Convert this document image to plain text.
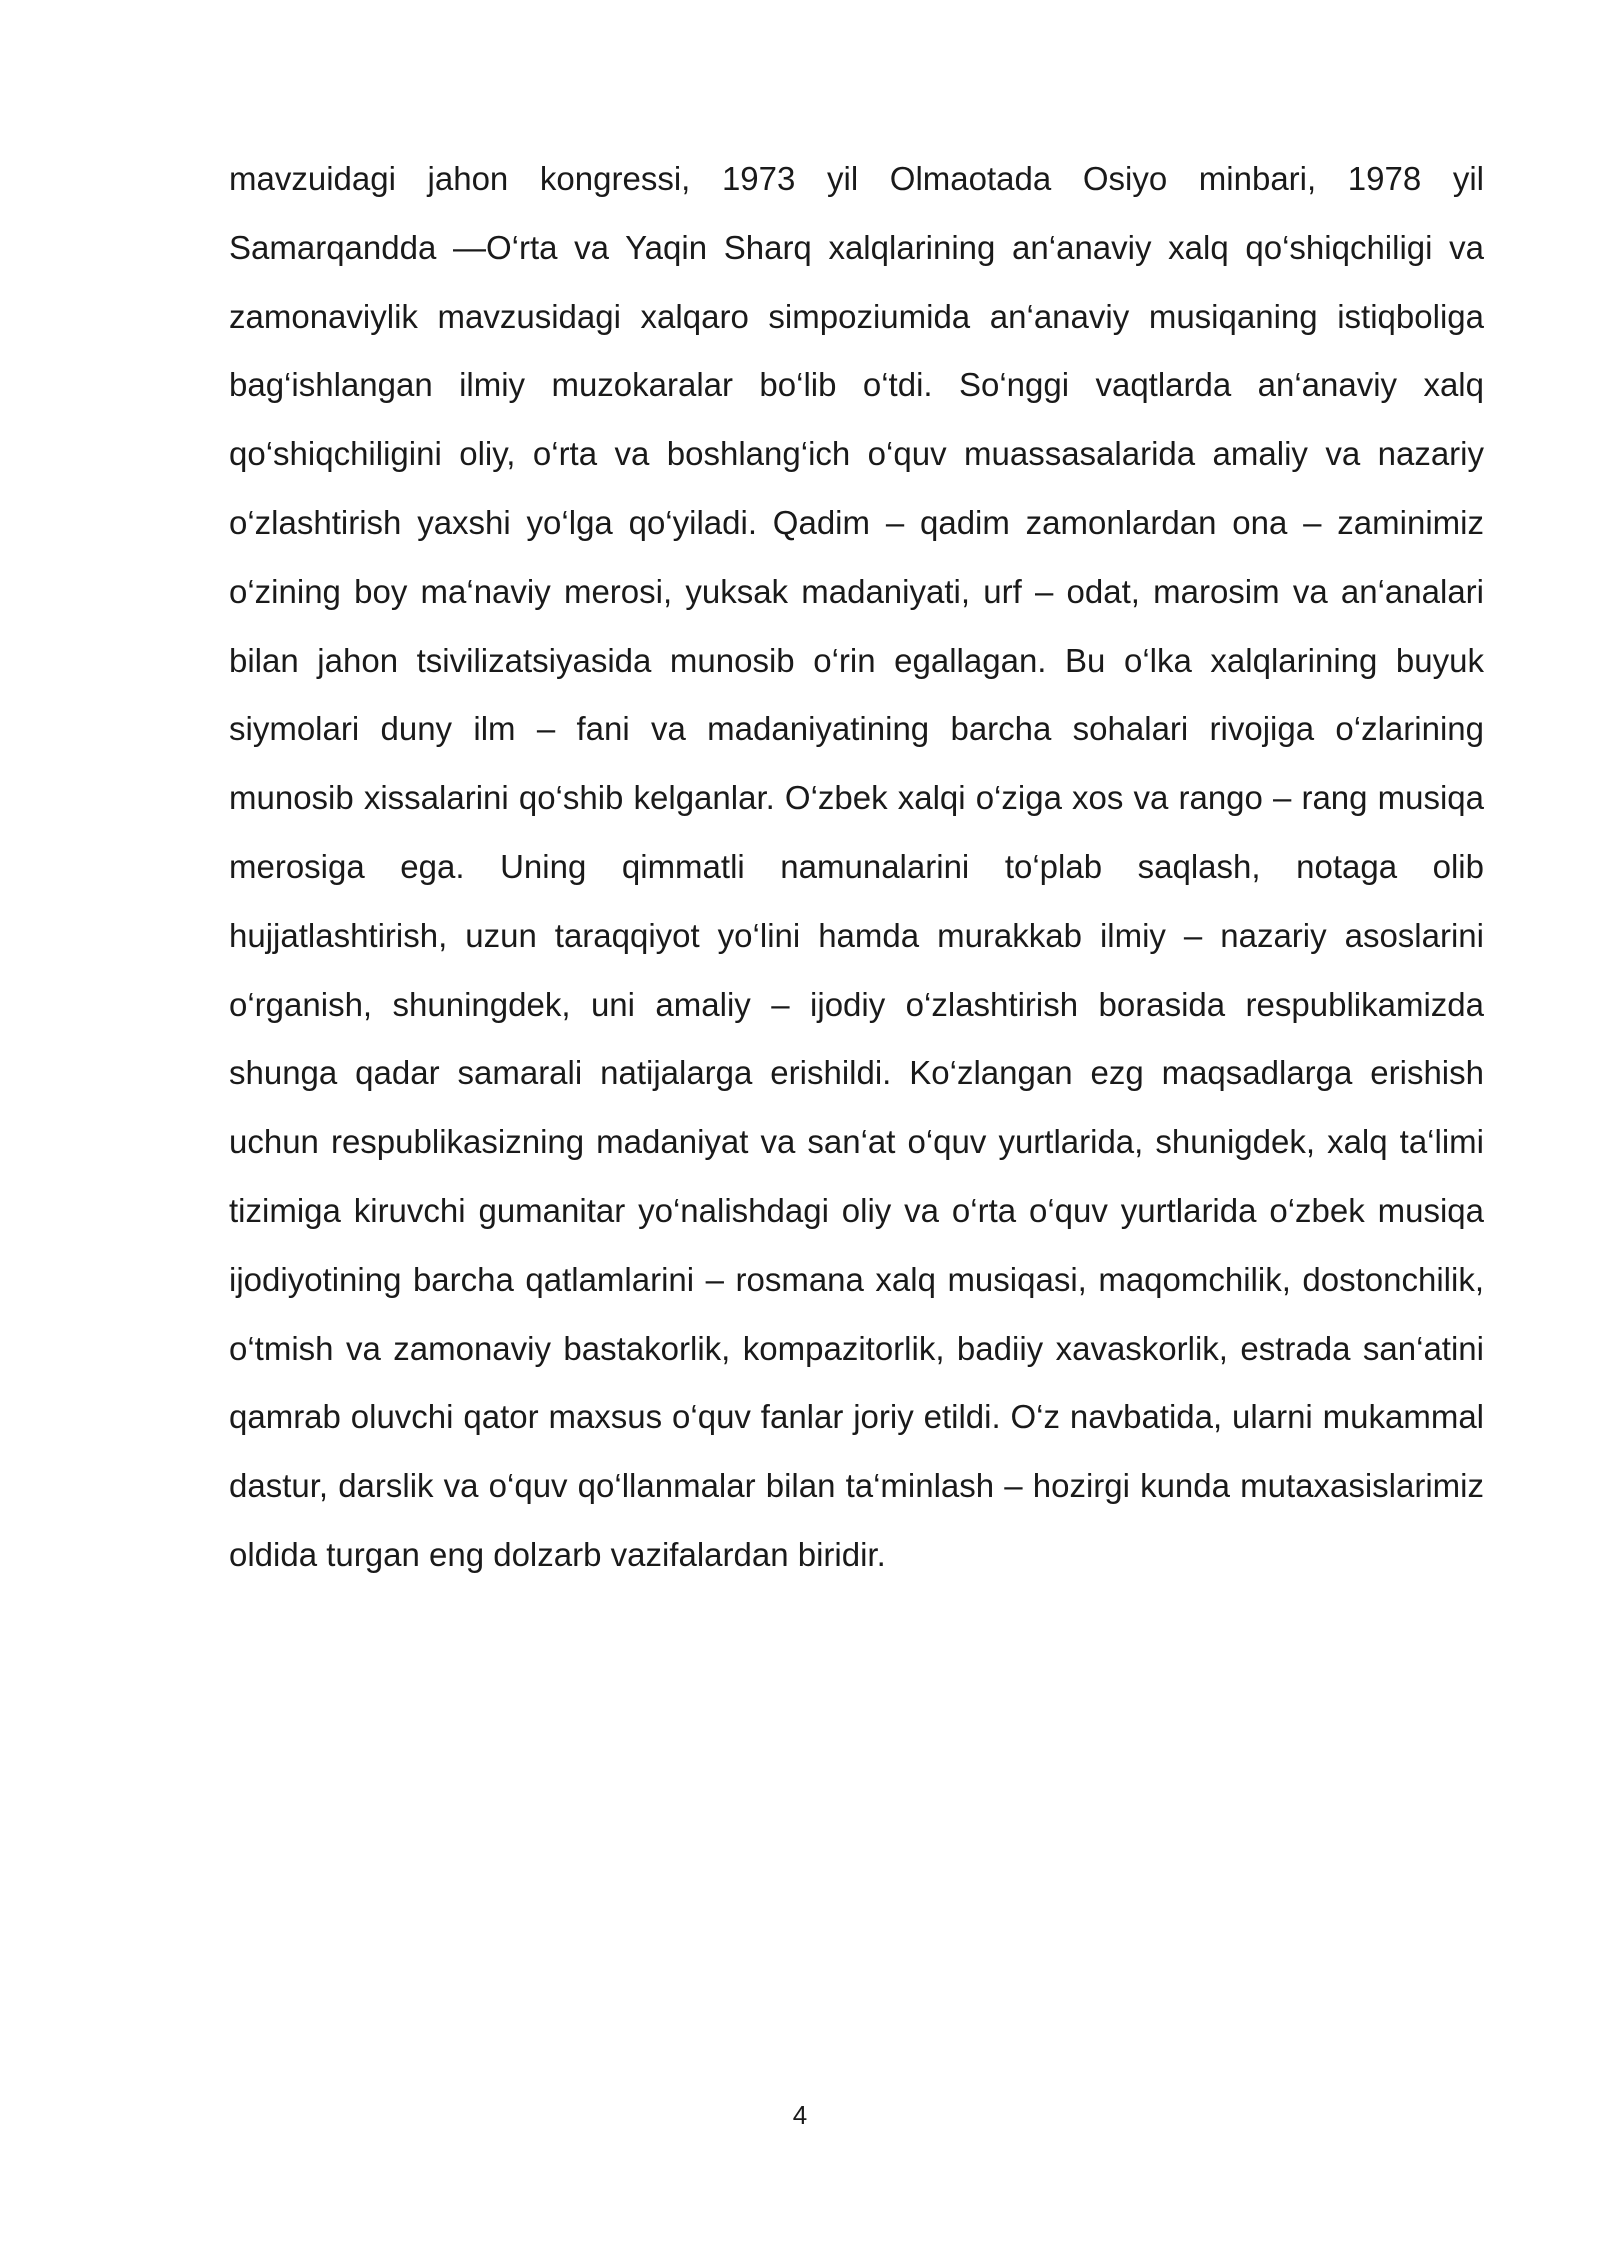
mavzuidagi jahon kongressi, 1973 yil Olmaotada Osiyo minbari, 1978 yil Samarqandda —O‘rta va Yaqin Sharq xalqlarining an‘anaviy xalq qo‘shiqchiligi va zamonaviylik mavzusidagi xalqaro simpoziumida an‘anaviy musiqaning istiqboliga bag‘ishlangan ilmiy muzokaralar bo‘lib o‘tdi. So‘nggi vaqtlarda an‘anaviy xalq qo‘shiqchiligini oliy, o‘rta va boshlang‘ich o‘quv muassasalarida amaliy va nazariy o‘zlashtirish yaxshi yo‘lga qo‘yiladi. Qadim – qadim zamonlardan ona – zaminimiz o‘zining boy ma‘naviy merosi, yuksak madaniyati, urf – odat, marosim va an‘analari bilan jahon tsivilizatsiyasida munosib o‘rin egallagan. Bu o‘lka xalqlarining buyuk siymolari duny ilm – fani va madaniyatining barcha sohalari rivojiga o‘zlarining munosib xissalarini qo‘shib kelganlar. O‘zbek xalqi o‘ziga xos va rango – rang musiqa merosiga ega. Uning qimmatli namunalarini to‘plab saqlash, notaga olib hujjatlashtirish, uzun taraqqiyot yo‘lini hamda murakkab ilmiy – nazariy asoslarini o‘rganish, shuningdek, uni amaliy – ijodiy o‘zlashtirish borasida respublikamizda shunga qadar samarali natijalarga erishildi. Ko‘zlangan ezg maqsadlarga erishish uchun respublikasizning madaniyat va san‘at o‘quv yurtlarida, shunigdek, xalq ta‘limi tizimiga kiruvchi gumanitar yo‘nalishdagi oliy va o‘rta o‘quv yurtlarida o‘zbek musiqa ijodiyotining barcha qatlamlarini – rosmana xalq musiqasi, maqomchilik, dostonchilik, o‘tmish va zamonaviy bastakorlik, kompazitorlik, badiiy xavaskorlik, estrada san‘atini qamrab oluvchi qator maxsus o‘quv fanlar joriy etildi. O‘z navbatida, ularni mukammal dastur, darslik va o‘quv qo‘llanmalar bilan ta‘minlash – hozirgi kunda mutaxasislarimiz oldida turgan eng dolzarb vazifalardan biridir.

4
